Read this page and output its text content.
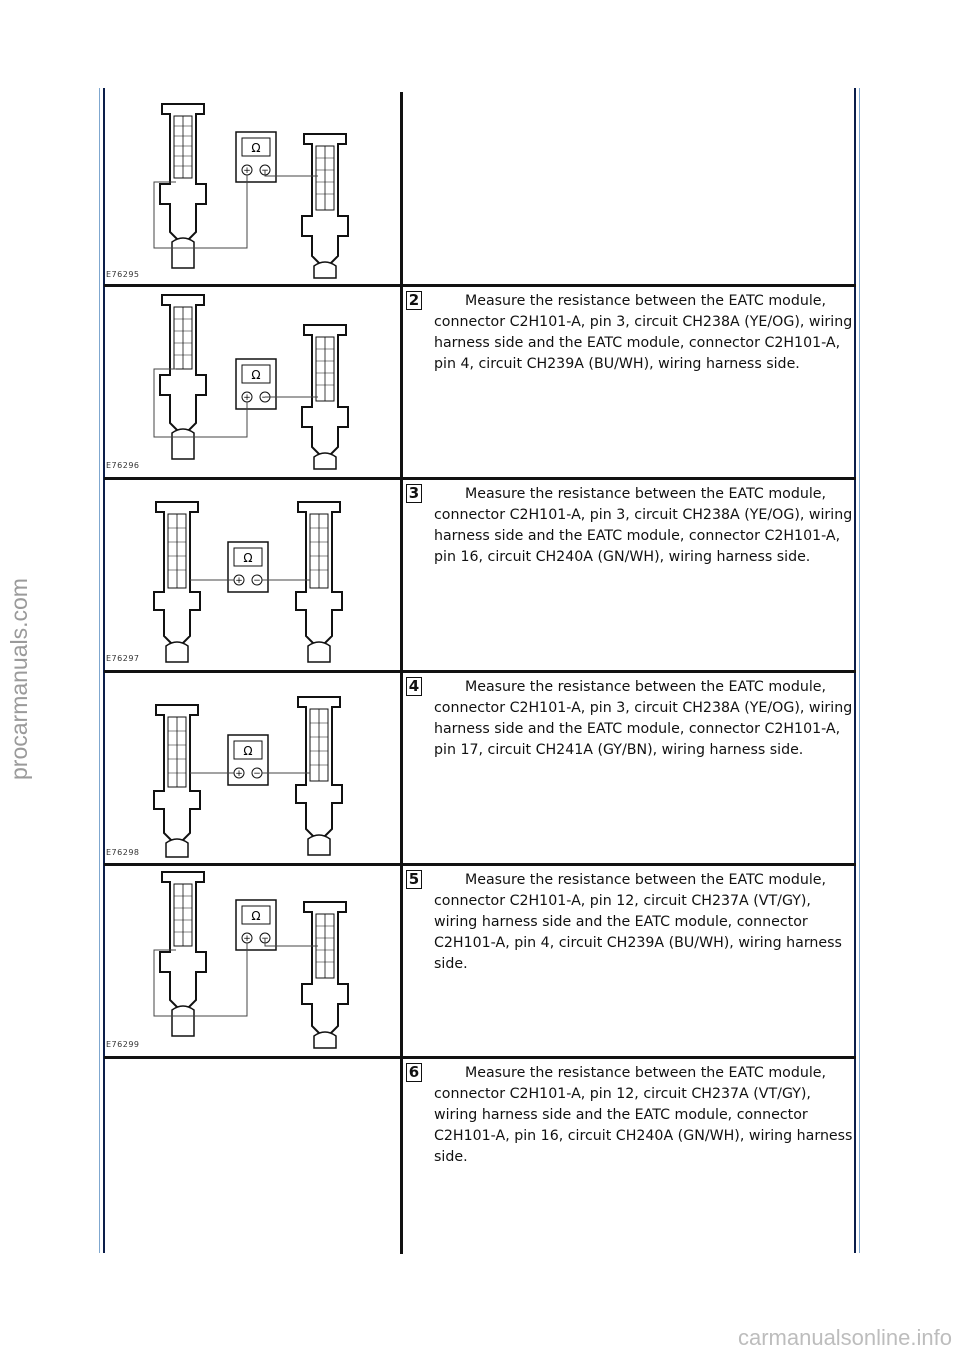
procarmanuals.com
carmanualsonline.info
Ω
+ −
E76295
Ω
+ −
E76296
2	Measure the resistance between the EATC module, connector C2H101-A, pin 3, circuit CH238A (YE/OG), wiring harness side and the EATC module, connector C2H101-A, pin 4, circuit CH239A (BU/WH), wiring harness side.

Ω
+ −
E76297
3	Measure the resistance between the EATC module, connector C2H101-A, pin 3, circuit CH238A (YE/OG), wiring harness side and the EATC module, connector C2H101-A, pin 16, circuit CH240A (GN/WH), wiring harness side.

Ω
+ −
E76298
4	Measure the resistance between the EATC module, connector C2H101-A, pin 3, circuit CH238A (YE/OG), wiring harness side and the EATC module, connector C2H101-A, pin 17, circuit CH241A (GY/BN), wiring harness side.

Ω
+ −
E76299
5	Measure the resistance between the EATC module, connector C2H101-A, pin 12, circuit CH237A (VT/GY), wiring harness side and the EATC module, connector C2H101-A, pin 4, circuit CH239A (BU/WH), wiring harness side.

6	Measure the resistance between the EATC module, connector C2H101-A, pin 12, circuit CH237A (VT/GY), wiring harness side and the EATC module, connector C2H101-A, pin 16, circuit CH240A (GN/WH), wiring harness side.
